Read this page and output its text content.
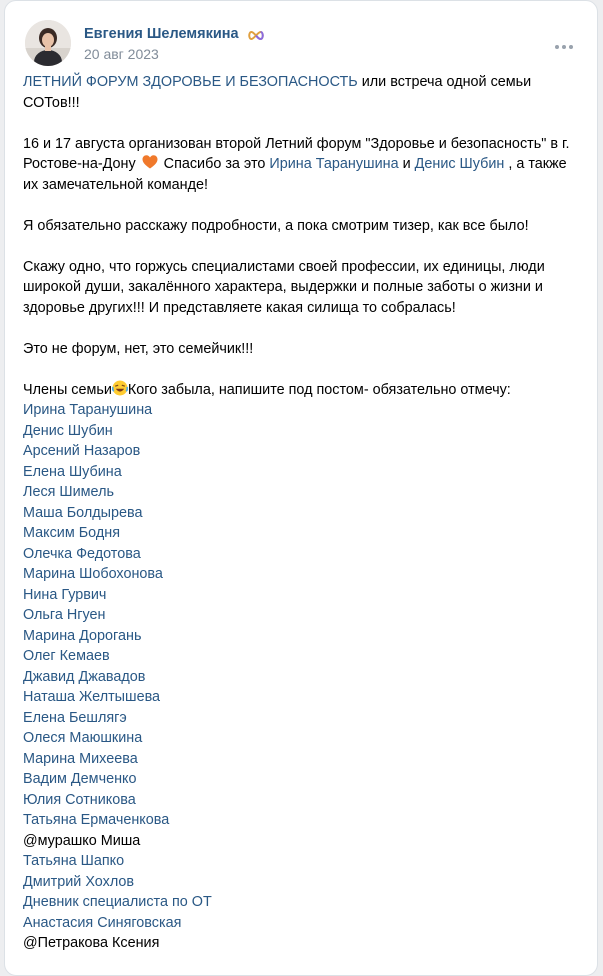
Евгения Шелемякина
20 авг 2023

ЛЕТНИЙ ФОРУМ ЗДОРОВЬЕ И БЕЗОПАСНОСТЬ или встреча одной семьи СОТов!!!

16 и 17 августа организован второй Летний форум "Здоровье и безопасность" в г. Ростове-на-Дону  Спасибо за это Ирина Таранушина и Денис Шубин , а также их замечательной команде!

Я обязательно расскажу подробности, а пока смотрим тизер, как все было!

Скажу одно, что горжусь специалистами своей профессии, их единицы, люди широкой души, закалённого характера, выдержки и полные заботы о жизни и здоровье других!!! И представляете какая силища то собралась!

Это не форум, нет, это семейчик!!!

Члены семьи Кого забыла, напишите под постом- обязательно отмечу:
Ирина Таранушина
Денис Шубин
Арсений Назаров
Елена Шубина
Леся Шимель
Маша Болдырева
Максим Бодня
Олечка Федотова
Марина Шобохонова
Нина Гурвич
Ольга Нгуен
Марина Дорогань
Олег Кемаев
Джавид Джавадов
Наташа Желтышева
Елена Бешлягэ
Олеся Маюшкина
Марина Михеева
Вадим Демченко
Юлия Сотникова
Татьяна Ермаченкова
@мурашко Миша
Татьяна Шапко
Дмитрий Хохлов
Дневник специалиста по ОТ
Анастасия Синяговская
@Петракова Ксения
